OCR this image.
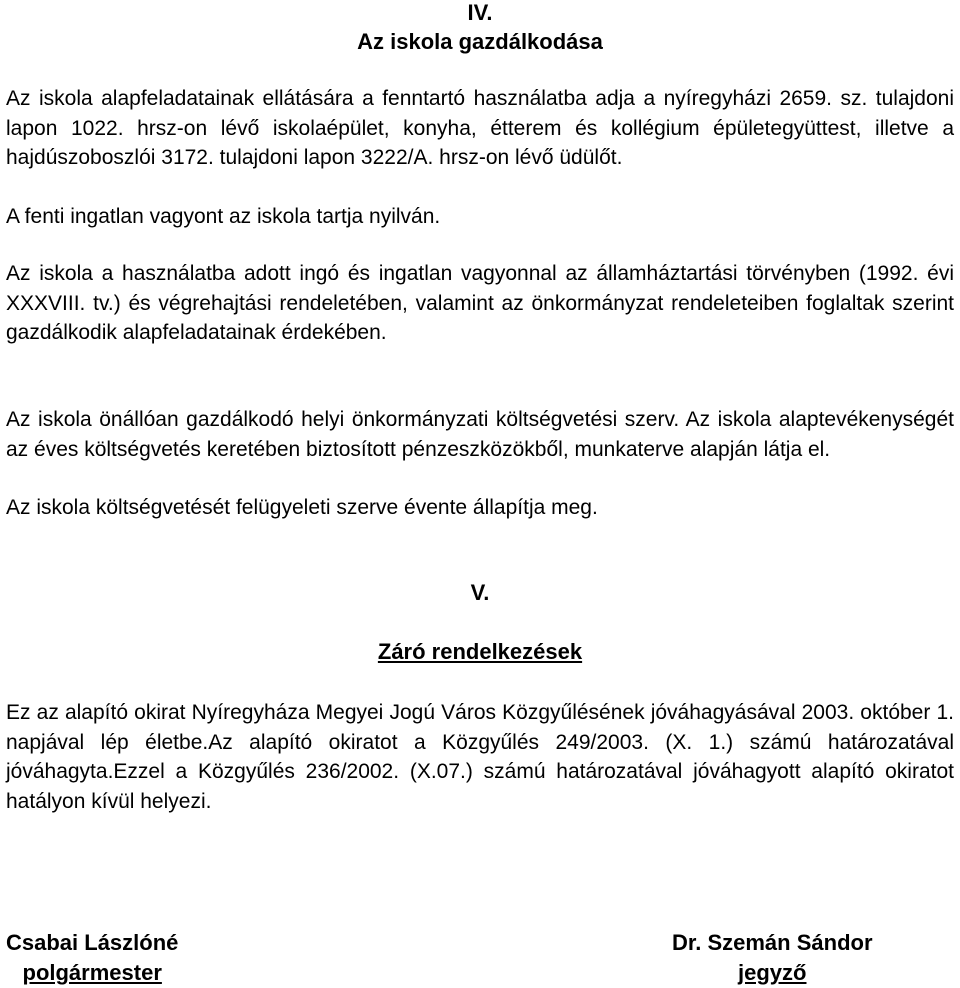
IV.
Az iskola gazdálkodása

Az iskola alapfeladatainak ellátására a fenntartó használatba adja a nyíregyházi 2659. sz. tulajdoni lapon 1022. hrsz-on lévő iskolaépület, konyha, étterem és kollégium épületegyüttest, illetve a hajdúszoboszlói 3172. tulajdoni lapon 3222/A. hrsz-on lévő üdülőt.

A fenti ingatlan vagyont az iskola tartja nyilván.

Az iskola a használatba adott ingó és ingatlan vagyonnal az államháztartási törvényben (1992. évi XXXVIII. tv.) és végrehajtási rendeletében, valamint az önkormányzat rendeleteiben foglaltak szerint gazdálkodik alapfeladatainak érdekében.

Az iskola önállóan gazdálkodó helyi önkormányzati költségvetési szerv. Az iskola alaptevékenységét az éves költségvetés keretében biztosított pénzeszközökből, munkaterve alapján látja el.

Az iskola költségvetését felügyeleti szerve évente állapítja meg.

V.
Záró rendelkezések

Ez az alapító okirat Nyíregyháza Megyei Jogú Város Közgyűlésének jóváhagyásával 2003. október 1. napjával lép életbe.Az alapító okiratot a Közgyűlés 249/2003. (X. 1.) számú határozatával jóváhagyta.Ezzel a Közgyűlés 236/2002. (X.07.) számú határozatával jóváhagyott alapító okiratot hatályon kívül helyezi.

Csabai Lászlóné
polgármester
Dr. Szemán Sándor
jegyző
